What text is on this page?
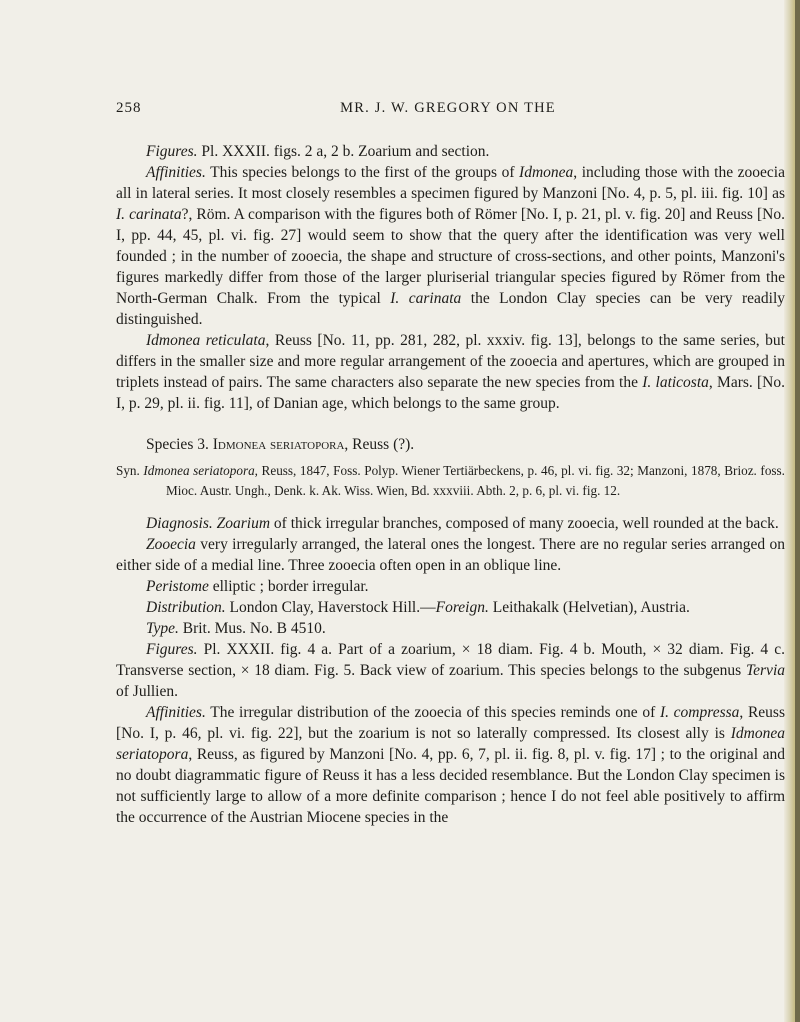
258	MR. J. W. GREGORY ON THE

Figures. Pl. XXXII. figs. 2 a, 2 b. Zoarium and section.

Affinities. This species belongs to the first of the groups of Idmonea, including those with the zooecia all in lateral series. It most closely resembles a specimen figured by Manzoni [No. 4, p. 5, pl. iii. fig. 10] as I. carinata?, Röm. A comparison with the figures both of Römer [No. I, p. 21, pl. v. fig. 20] and Reuss [No. I, pp. 44, 45, pl. vi. fig. 27] would seem to show that the query after the identification was very well founded ; in the number of zooecia, the shape and structure of cross-sections, and other points, Manzoni's figures markedly differ from those of the larger pluriserial triangular species figured by Römer from the North-German Chalk. From the typical I. carinata the London Clay species can be very readily distinguished.

Idmonea reticulata, Reuss [No. 11, pp. 281, 282, pl. xxxiv. fig. 13], belongs to the same series, but differs in the smaller size and more regular arrangement of the zooecia and apertures, which are grouped in triplets instead of pairs. The same characters also separate the new species from the I. laticosta, Mars. [No. I, p. 29, pl. ii. fig. 11], of Danian age, which belongs to the same group.

Species 3. Idmonea seriatopora, Reuss (?).

Syn. Idmonea seriatopora, Reuss, 1847, Foss. Polyp. Wiener Tertiärbeckens, p. 46, pl. vi. fig. 32; Manzoni, 1878, Brioz. foss. Mioc. Austr. Ungh., Denk. k. Ak. Wiss. Wien, Bd. xxxviii. Abth. 2, p. 6, pl. vi. fig. 12.

Diagnosis. Zoarium of thick irregular branches, composed of many zooecia, well rounded at the back.

Zooecia very irregularly arranged, the lateral ones the longest. There are no regular series arranged on either side of a medial line. Three zooecia often open in an oblique line.

Peristome elliptic ; border irregular.

Distribution. London Clay, Haverstock Hill.—Foreign. Leithakalk (Helvetian), Austria.

Type. Brit. Mus. No. B 4510.

Figures. Pl. XXXII. fig. 4 a. Part of a zoarium, × 18 diam. Fig. 4 b. Mouth, × 32 diam. Fig. 4 c. Transverse section, × 18 diam. Fig. 5. Back view of zoarium. This species belongs to the subgenus Tervia of Jullien.

Affinities. The irregular distribution of the zooecia of this species reminds one of I. compressa, Reuss [No. I, p. 46, pl. vi. fig. 22], but the zoarium is not so laterally compressed. Its closest ally is Idmonea seriatopora, Reuss, as figured by Manzoni [No. 4, pp. 6, 7, pl. ii. fig. 8, pl. v. fig. 17] ; to the original and no doubt diagrammatic figure of Reuss it has a less decided resemblance. But the London Clay specimen is not sufficiently large to allow of a more definite comparison ; hence I do not feel able positively to affirm the occurrence of the Austrian Miocene species in the
